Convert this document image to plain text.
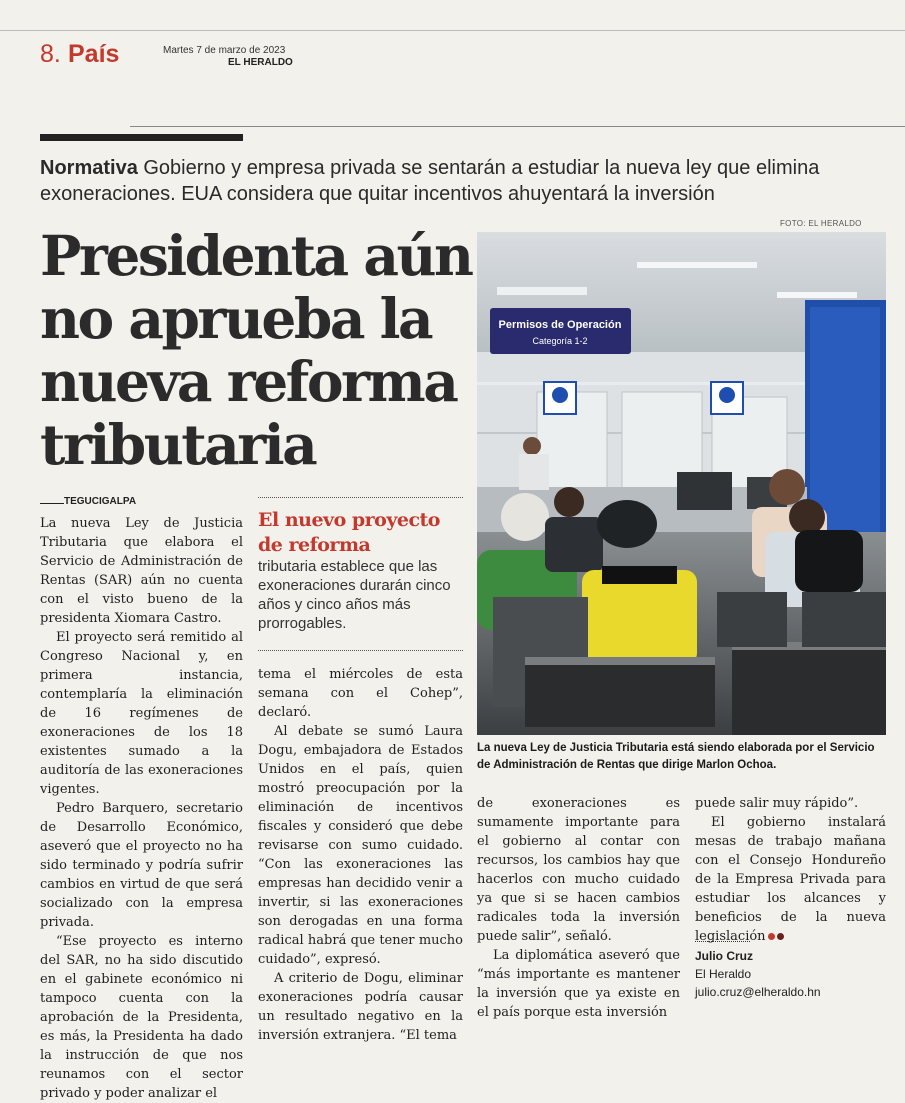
8. País	Martes 7 de marzo de 2023
EL HERALDO
Normativa Gobierno y empresa privada se sentarán a estudiar la nueva ley que elimina exoneraciones. EUA considera que quitar incentivos ahuyentará la inversión
FOTO: EL HERALDO
Presidenta aún no aprueba la nueva reforma tributaria
TEGUCIGALPA

La nueva Ley de Justicia Tributaria que elabora el Servicio de Administración de Rentas (SAR) aún no cuenta con el visto bueno de la presidenta Xiomara Castro.

El proyecto será remitido al Congreso Nacional y, en primera instancia, contemplaría la eliminación de 16 regímenes de exoneraciones de los 18 existentes sumado a la auditoría de las exoneraciones vigentes.

Pedro Barquero, secretario de Desarrollo Económico, aseveró que el proyecto no ha sido terminado y podría sufrir cambios en virtud de que será socializado con la empresa privada.

“Ese proyecto es interno del SAR, no ha sido discutido en el gabinete económico ni tampoco cuenta con la aprobación de la Presidenta, es más, la Presidenta ha dado la instrucción de que nos reunamos con el sector privado y poder analizar el

El nuevo proyecto de reforma
tributaria establece que las exoneraciones durarán cinco años y cinco años más prorrogables.

tema el miércoles de esta semana con el Cohep”, declaró.

Al debate se sumó Laura Dogu, embajadora de Estados Unidos en el país, quien mostró preocupación por la eliminación de incentivos fiscales y consideró que debe revisarse con sumo cuidado. “Con las exoneraciones las empresas han decidido venir a invertir, si las exoneraciones son derogadas en una forma radical habrá que tener mucho cuidado”, expresó.

A criterio de Dogu, eliminar exoneraciones podría causar un resultado negativo en la inversión extranjera. “El tema

Permisos de Operación
Categoría 1-2
La nueva Ley de Justicia Tributaria está siendo elaborada por el Servicio de Administración de Rentas que dirige Marlon Ochoa.

de exoneraciones es sumamente importante para el gobierno al contar con recursos, los cambios hay que hacerlos con mucho cuidado ya que si se hacen cambios radicales toda la inversión puede salir”, señaló.

La diplomática aseveró que “más importante es mantener la inversión que ya existe en el país porque esta inversión

puede salir muy rápido”.

El gobierno instalará mesas de trabajo mañana con el Consejo Hondureño de la Empresa Privada para estudiar los alcances y beneficios de la nueva legislación

Julio Cruz
El Heraldo
julio.cruz@elheraldo.hn
